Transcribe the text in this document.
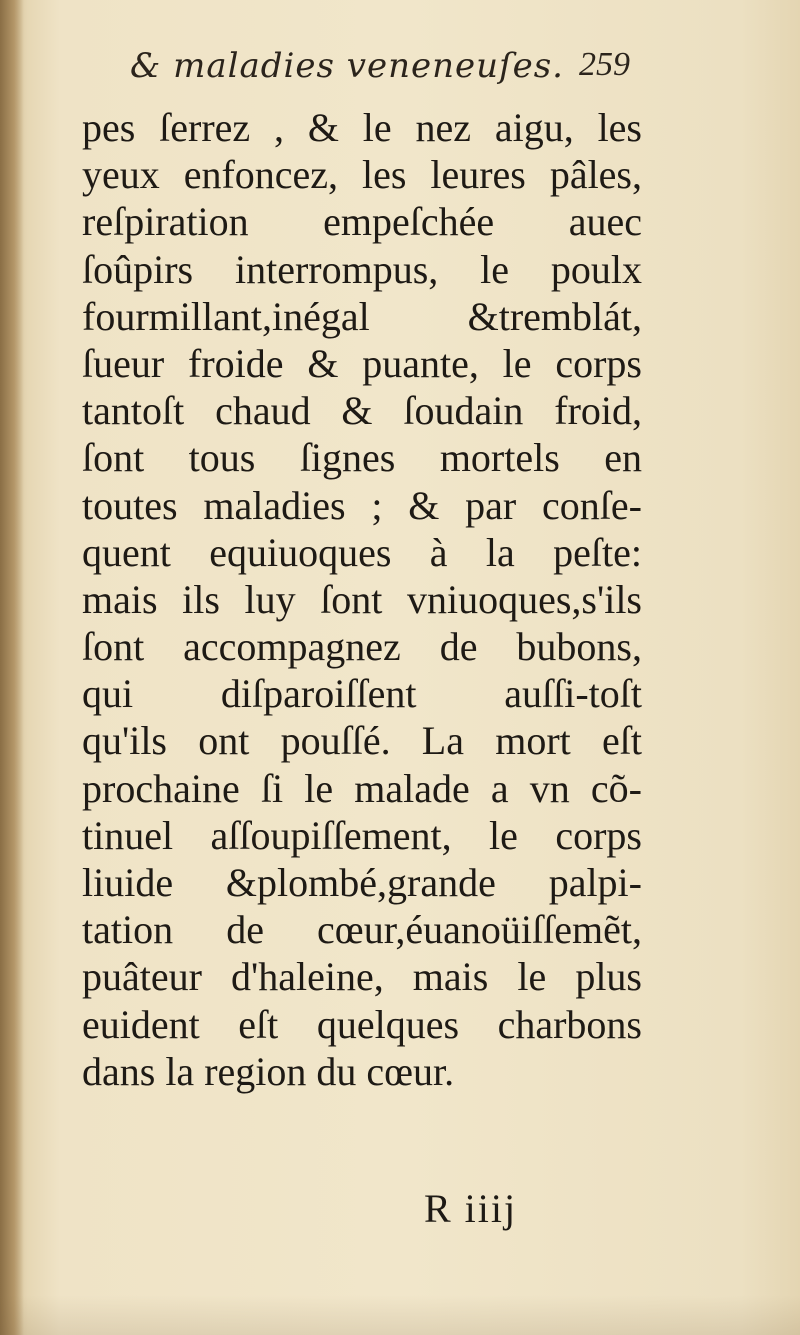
& maladies veneneuſes. 259
pes ſerrez , & le nez aigu, les
yeux enfoncez, les leures pâles,
reſpiration empeſchée auec
ſoûpirs interrompus, le poulx
fourmillant,inégal &tremblát,
ſueur froide & puante, le corps
tantoſt chaud & ſoudain froid,
ſont tous ſignes mortels en
toutes maladies ; & par conſe-
quent equiuoques à la peſte:
mais ils luy ſont vniuoques,s'ils
ſont accompagnez de bubons,
qui diſparoiſſent auſſi-toſt
qu'ils ont pouſſé. La mort eſt
prochaine ſi le malade a vn cõ-
tinuel aſſoupiſſement, le corps
liuide &plombé,grande palpi-
tation de cœur,éuanoüiſſemẽt,
puâteur d'haleine, mais le plus
euident eſt quelques charbons
dans la region du cœur.
R iiij
